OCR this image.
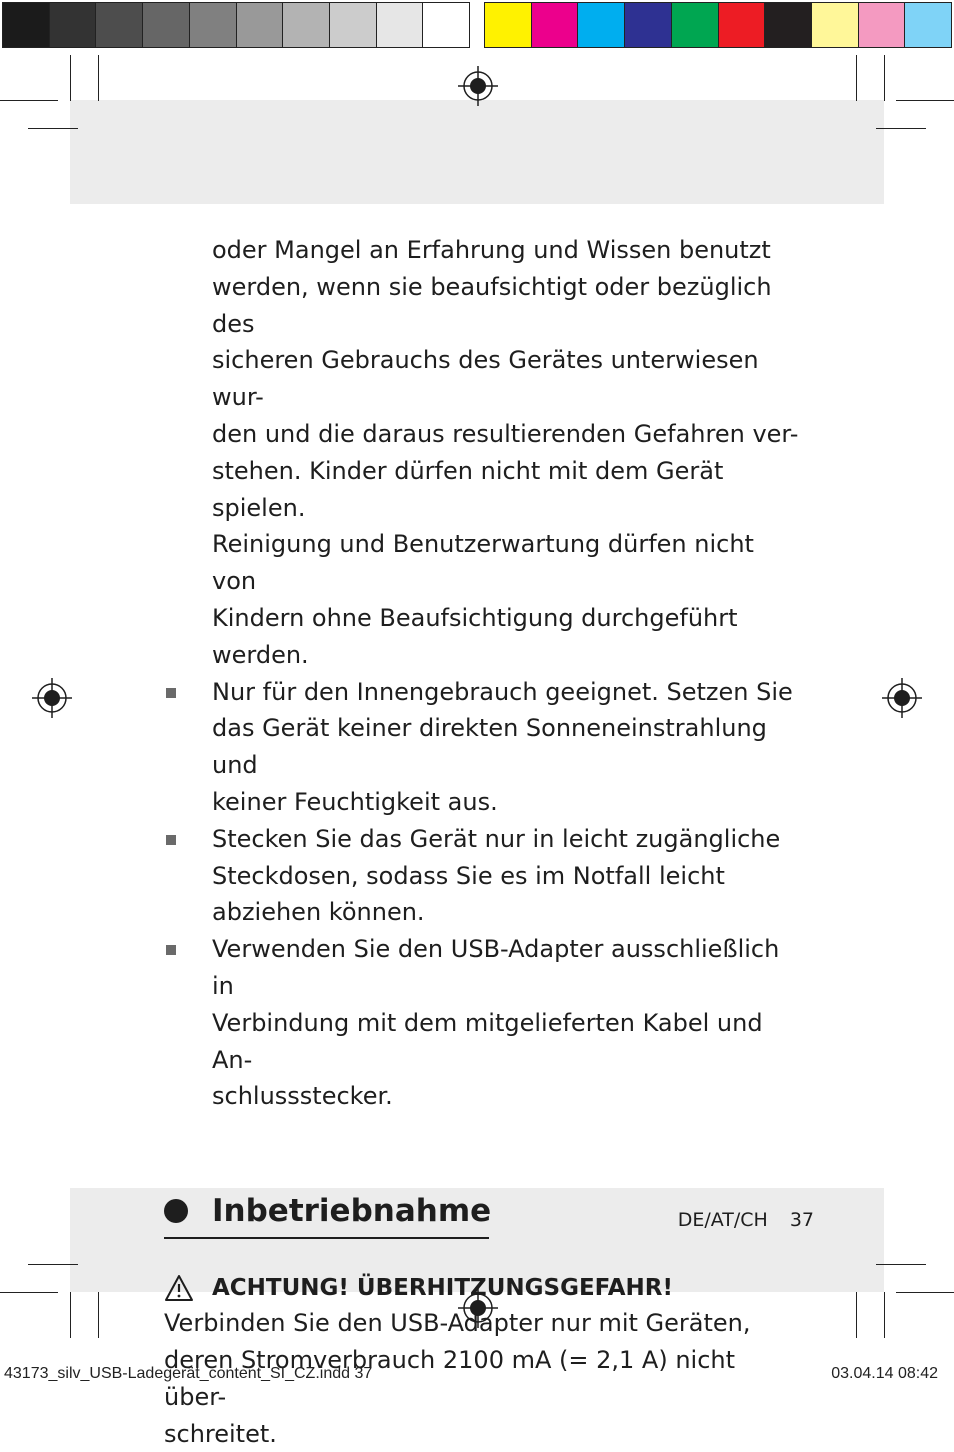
oder Mangel an Erfahrung und Wissen benutzt

werden, wenn sie beaufsichtigt oder bezüglich des

sicheren Gebrauchs des Gerätes unterwiesen wur-

den und die daraus resultierenden Gefahren ver-

stehen. Kinder dürfen nicht mit dem Gerät spielen.

Reinigung und Benutzerwartung dürfen nicht von

Kindern ohne Beaufsichtigung durchgeführt werden.

Nur für den Innengebrauch geeignet. Setzen Sie

das Gerät keiner direkten Sonneneinstrahlung und

keiner Feuchtigkeit aus.

Stecken Sie das Gerät nur in leicht zugängliche

Steckdosen, sodass Sie es im Notfall leicht

abziehen können.

Verwenden Sie den USB-Adapter ausschließlich in

Verbindung mit dem mitgelieferten Kabel und An-

schlussstecker.

Inbetriebnahme
ACHTUNG! ÜBERHITZUNGSGEFAHR!

Verbinden Sie den USB-Adapter nur mit Geräten,

deren Stromverbrauch 2100 mA (= 2,1 A) nicht über-

schreitet.

DE/AT/CH 37
43173_silv_USB-Ladegerät_content_SI_CZ.indd 37	03.04.14 08:42
